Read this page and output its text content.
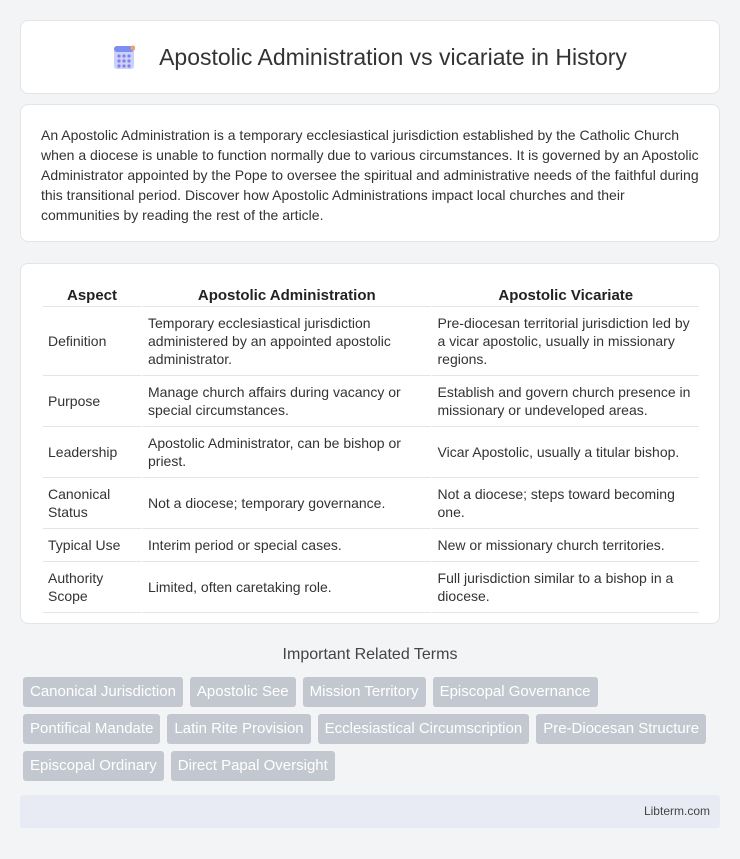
Apostolic Administration vs vicariate in History

An Apostolic Administration is a temporary ecclesiastical jurisdiction established by the Catholic Church when a diocese is unable to function normally due to various circumstances. It is governed by an Apostolic Administrator appointed by the Pope to oversee the spiritual and administrative needs of the faithful during this transitional period. Discover how Apostolic Administrations impact local churches and their communities by reading the rest of the article.

Aspect	Apostolic Administration	Apostolic Vicariate
Definition	Temporary ecclesiastical jurisdiction administered by an appointed apostolic administrator.	Pre-diocesan territorial jurisdiction led by a vicar apostolic, usually in missionary regions.
Purpose	Manage church affairs during vacancy or special circumstances.	Establish and govern church presence in missionary or undeveloped areas.
Leadership	Apostolic Administrator, can be bishop or priest.	Vicar Apostolic, usually a titular bishop.
Canonical Status	Not a diocese; temporary governance.	Not a diocese; steps toward becoming one.
Typical Use	Interim period or special cases.	New or missionary church territories.
Authority Scope	Limited, often caretaking role.	Full jurisdiction similar to a bishop in a diocese.
Important Related Terms
Canonical Jurisdiction	Apostolic See	Mission Territory	Episcopal Governance
Pontifical Mandate	Latin Rite Provision	Ecclesiastical Circumscription	Pre-Diocesan Structure
Episcopal Ordinary	Direct Papal Oversight
Libterm.com
